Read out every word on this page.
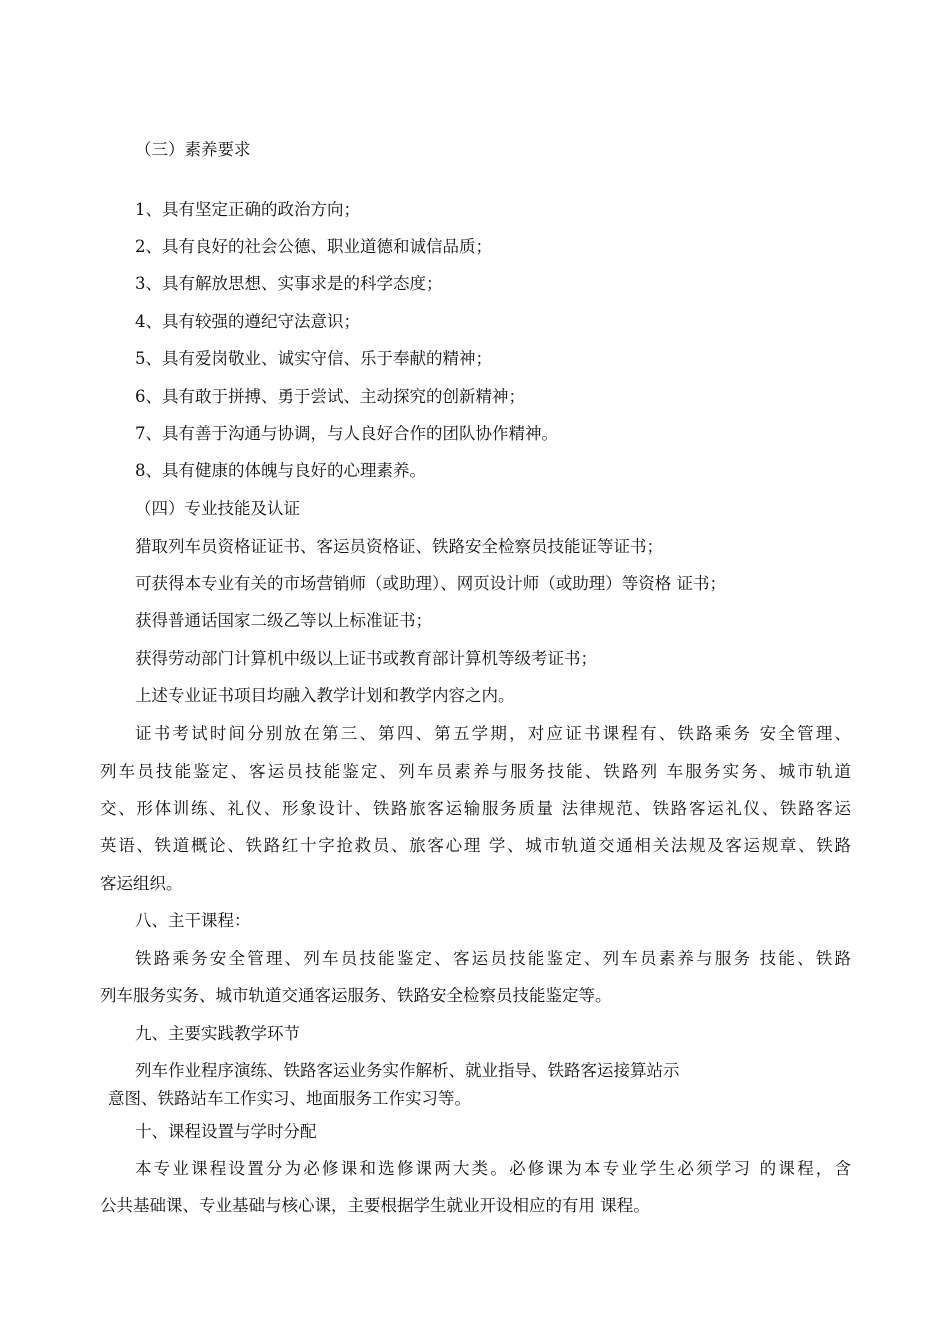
（三）素养要求
1、具有坚定正确的政治方向；
2、具有良好的社会公德、职业道德和诚信品质；
3、具有解放思想、实事求是的科学态度；
4、具有较强的遵纪守法意识；
5、具有爱岗敬业、诚实守信、乐于奉献的精神；
6、具有敢于拼搏、勇于尝试、主动探究的创新精神；
7、具有善于沟通与协调，与人良好合作的团队协作精神。
8、具有健康的体魄与良好的心理素养。
（四）专业技能及认证
猎取列车员资格证证书、客运员资格证、铁路安全检察员技能证等证书；
可获得本专业有关的市场营销师（或助理）、网页设计师（或助理）等资格 证书；
获得普通话国家二级乙等以上标准证书；
获得劳动部门计算机中级以上证书或教育部计算机等级考证书；
上述专业证书项目均融入教学计划和教学内容之内。
证书考试时间分别放在第三、第四、第五学期，对应证书课程有、铁路乘务 安全管理、
列车员技能鉴定、客运员技能鉴定、列车员素养与服务技能、铁路列 车服务实务、城市轨道
交、形体训练、礼仪、形象设计、铁路旅客运输服务质量 法律规范、铁路客运礼仪、铁路客运
英语、铁道概论、铁路红十字抢救员、旅客心理 学、城市轨道交通相关法规及客运规章、铁路
客运组织。
八、主干课程：
铁路乘务安全管理、列车员技能鉴定、客运员技能鉴定、列车员素养与服务 技能、铁路
列车服务实务、城市轨道交通客运服务、铁路安全检察员技能鉴定等。
九、主要实践教学环节
列车作业程序演练、铁路客运业务实作解析、就业指导、铁路客运接算站示
意图、铁路站车工作实习、地面服务工作实习等。
十、课程设置与学时分配
本专业课程设置分为必修课和选修课两大类。必修课为本专业学生必须学习 的课程，含
公共基础课、专业基础与核心课，主要根据学生就业开设相应的有用 课程。
